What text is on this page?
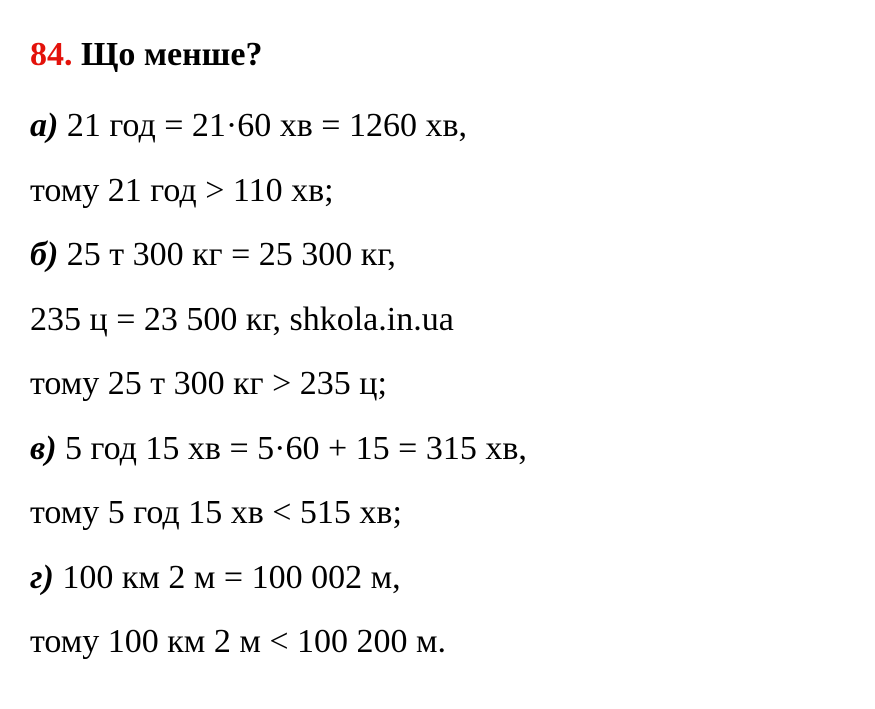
84. Що менше?
а) 21 год = 21·60 хв = 1260 хв,
тому 21 год > 110 хв;
б) 25 т 300 кг = 25 300 кг,
235 ц = 23 500 кг, shkola.in.ua
тому 25 т 300 кг > 235 ц;
в) 5 год 15 хв = 5·60 + 15 = 315 хв,
тому 5 год 15 хв < 515 хв;
г) 100 км 2 м = 100 002 м,
тому 100 км 2 м < 100 200 м.
